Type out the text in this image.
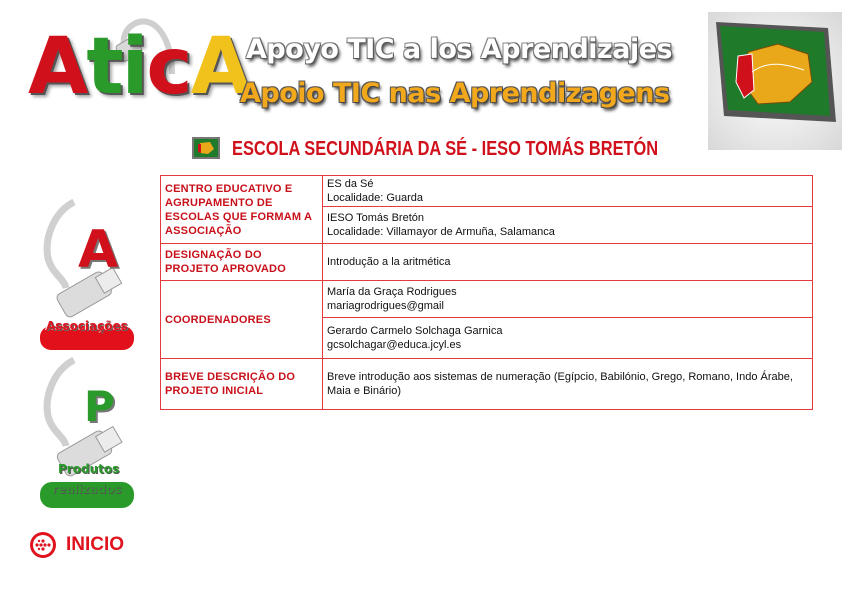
AticA
Apoyo TIC a los Aprendizajes
Apoio TIC nas Aprendizagens
ESCOLA SECUNDÁRIA DA SÉ - IESO TOMÁS BRETÓN
CENTRO EDUCATIVO E AGRUPAMENTO DE ESCOLAS QUE FORMAM A ASSOCIAÇÃO	ES da Sé
Localidade: Guarda

	IESO Tomás Bretón
Localidade: Villamayor de Armuña, Salamanca

DESIGNAÇÃO DO PROJETO APROVADO	Introdução a la aritmética
COORDENADORES	María da Graça Rodrigues
mariagrodrigues@gmail

	Gerardo Carmelo Solchaga Garnica
gcsolchagar@educa.jcyl.es

BREVE DESCRIÇÃO DO PROJETO INICIAL	Breve introdução aos sistemas de numeração (Egípcio, Babilónio, Grego, Romano, Indo Árabe, Maia e Binário)
A
Associações
P
Produtos
realizados
INICIO
